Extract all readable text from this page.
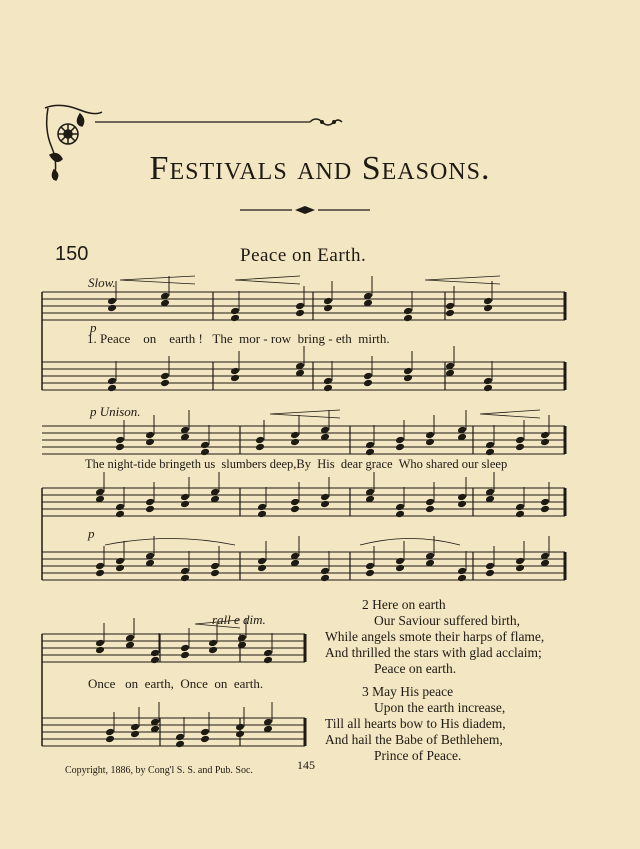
Festivals and Seasons.
150	Peace on Earth.
Slow.
p
p Unison.
p
rall e dim.
1. Peace    on    earth !   The  mor - row  bring - eth  mirth.
The night-tide bringeth us  slumbers deep,By  His  dear grace  Who shared our sleep
Once   on  earth,  Once  on  earth.
2 Here on earth
Our Saviour suffered birth,
While angels smote their harps of flame,
And thrilled the stars with glad acclaim;
Peace on earth.
3 May His peace
Upon the earth increase,
Till all hearts bow to His diadem,
And hail the Babe of Bethlehem,
Prince of Peace.
Copyright, 1886, by Cong'l S. S. and Pub. Soc.	145
